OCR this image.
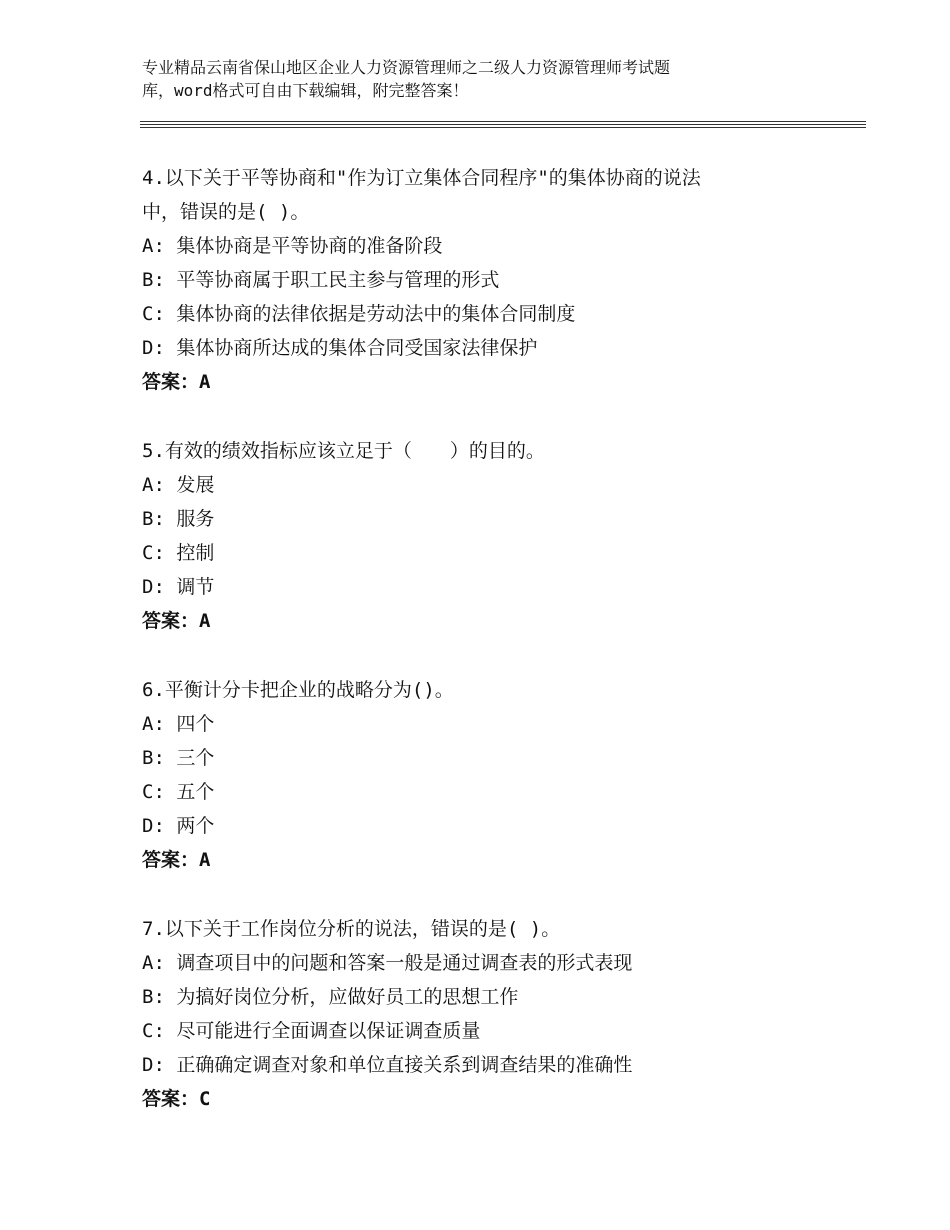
专业精品云南省保山地区企业人力资源管理师之二级人力资源管理师考试题
库，word格式可自由下载编辑，附完整答案！

4.以下关于平等协商和"作为订立集体合同程序"的集体协商的说法

中，错误的是( )。

A: 集体协商是平等协商的准备阶段

B: 平等协商属于职工民主参与管理的形式

C: 集体协商的法律依据是劳动法中的集体合同制度

D: 集体协商所达成的集体合同受国家法律保护

答案：A

5.有效的绩效指标应该立足于（　　）的目的。

A: 发展

B: 服务

C: 控制

D: 调节

答案：A

6.平衡计分卡把企业的战略分为()。

A: 四个

B: 三个

C: 五个

D: 两个

答案：A

7.以下关于工作岗位分析的说法，错误的是( )。

A: 调查项目中的问题和答案一般是通过调查表的形式表现

B: 为搞好岗位分析，应做好员工的思想工作

C: 尽可能进行全面调查以保证调查质量

D: 正确确定调查对象和单位直接关系到调查结果的准确性

答案：C
